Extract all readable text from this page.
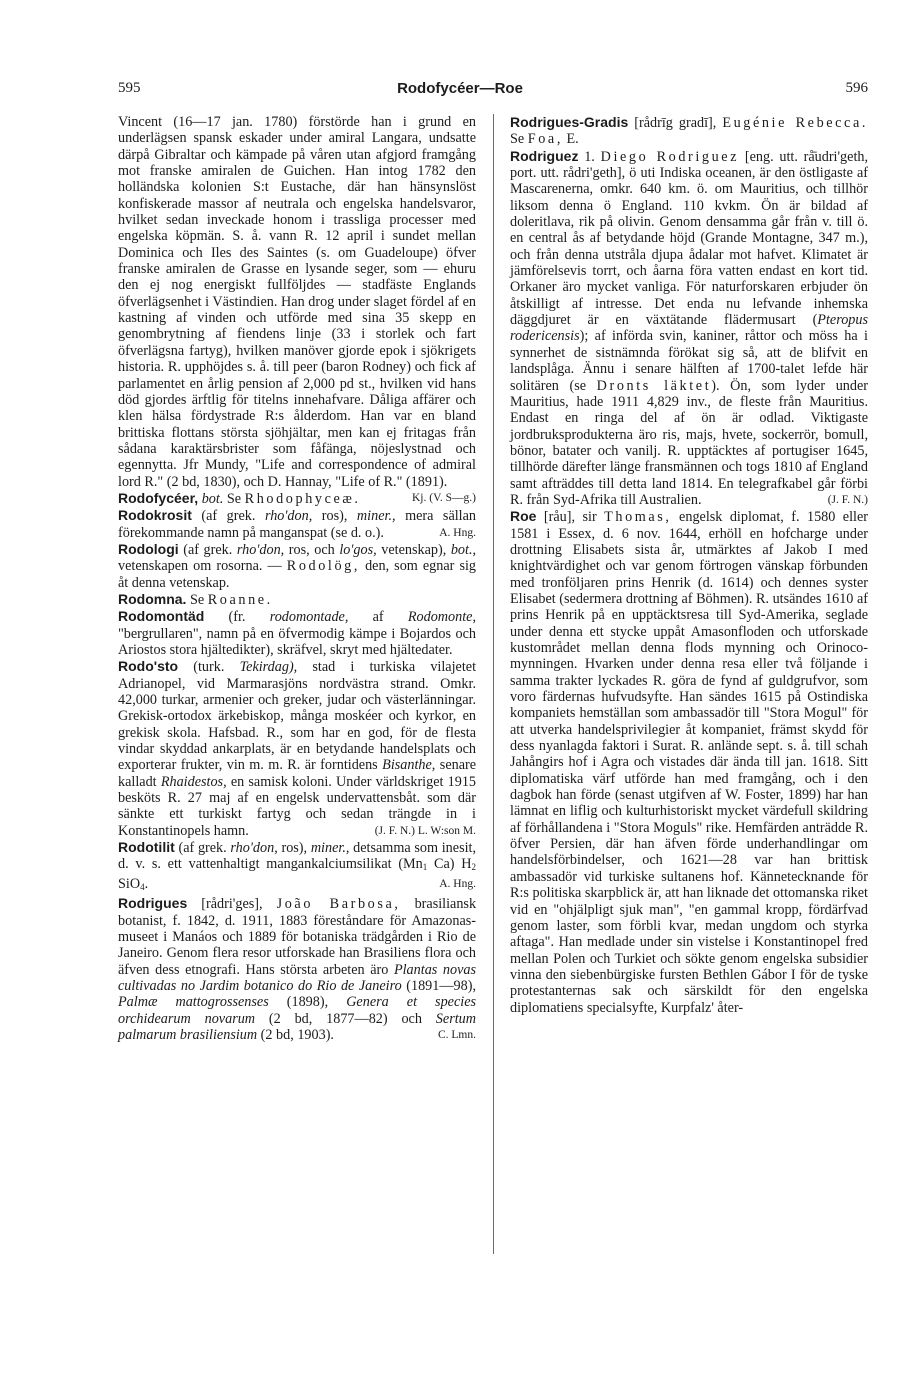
595	Rodofycéer—Roe	596

Vincent (16—17 jan. 1780) förstörde han i grund en underlägsen spansk eskader under amiral Langara, undsatte därpå Gibraltar och kämpade på våren utan afgjord framgång mot franske amiralen de Guichen. Han intog 1782 den holländska kolonien S:t Eustache, där han hänsynslöst konfiskerade massor af neutrala och engelska handelsvaror, hvilket sedan inveckade honom i trassliga processer med engelska köpmän. S. å. vann R. 12 april i sundet mellan Dominica och Iles des Saintes (s. om Guadeloupe) öfver franske amiralen de Grasse en lysande seger, som — ehuru den ej nog energiskt fullföljdes — stadfäste Englands öfverlägsenhet i Västindien. Han drog under slaget fördel af en kastning af vinden och utförde med sina 35 skepp en genombrytning af fiendens linje (33 i storlek och fart öfverlägsna fartyg), hvilken manöver gjorde epok i sjökrigets historia. R. upphöjdes s. å. till peer (baron Rodney) och fick af parlamentet en årlig pension af 2,000 pd st., hvilken vid hans död gjordes ärftlig för titelns innehafvare. Dåliga affärer och klen hälsa fördystrade R:s ålderdom. Han var en bland brittiska flottans största sjöhjältar, men kan ej fritagas från sådana karaktärsbrister som fåfänga, nöjeslystnad och egennytta. Jfr Mundy, "Life and correspondence of admiral lord R." (2 bd, 1830), och D. Hannay, "Life of R." (1891).
Kj. (V. S—g.)

Rodofycéer, bot. Se Rhodophyceæ.

Rodokrosit (af grek. rho'don, ros), miner., mera sällan förekommande namn på manganspat (se d. o.).	A. Hng.

Rodologi (af grek. rho'don, ros, och lo'gos, vetenskap), bot., vetenskapen om rosorna. — Rodolög, den, som egnar sig åt denna vetenskap.

Rodomna. Se Roanne.

Rodomontäd (fr. rodomontade, af Rodomonte, "bergrullaren", namn på en öfvermodig kämpe i Bojardos och Ariostos stora hjältedikter), skräfvel, skryt med hjältedater.

Rodo'sto (turk. Tekirdag), stad i turkiska vilajetet Adrianopel, vid Marmarasjöns nordvästra strand. Omkr. 42,000 turkar, armenier och greker, judar och västerlänningar. Grekisk-ortodox ärkebiskop, många moskéer och kyrkor, en grekisk skola. Hafsbad. R., som har en god, för de flesta vindar skyddad ankarplats, är en betydande handelsplats och exporterar frukter, vin m. m. R. är forntidens Bisanthe, senare kalladt Rhaidestos, en samisk koloni. Under världskriget 1915 besköts R. 27 maj af en engelsk undervattensbåt. som där sänkte ett turkiskt fartyg och sedan trängde in i Konstantinopels hamn.	(J. F. N.) L. W:son M.

Rodotilit (af grek. rho'don, ros), miner., detsamma som inesit, d. v. s. ett vattenhaltigt mangankalciumsilikat ($Mn_1$ Ca) $H_2$ SiO$_4$.	A. Hng.

Rodrigues [rådri'ges], João Barbosa, brasiliansk botanist, f. 1842, d. 1911, 1883 föreståndare för Amazonas-museet i Manáos och 1889 för botaniska trädgården i Rio de Janeiro. Genom flera resor utforskade han Brasiliens flora och äfven dess etnografi. Hans största arbeten äro Plantas novas cultivadas no Jardim botanico do Rio de Janeiro (1891—98), Palmæ mattogrossenses (1898), Genera et species orchidearum novarum (2 bd, 1877—82) och Sertum palmarum brasiliensium (2 bd, 1903).	C. Lmn.

Rodrigues-Gradis [rådrīg gradī], Eugénie Rebecca. Se Foa, E.

Rodriguez 1. Diego Rodriguez [eng. utt. rå̄udri'geth, port. utt. rådri'geth], ö uti Indiska oceanen, är den östligaste af Mascarenerna, omkr. 640 km. ö. om Mauritius, och tillhör liksom denna ö England. 110 kvkm. Ön är bildad af doleritlava, rik på olivin. Genom densamma går från v. till ö. en central ås af betydande höjd (Grande Montagne, 347 m.), och från denna utstråla djupa ådalar mot hafvet. Klimatet är jämförelsevis torrt, och åarna föra vatten endast en kort tid. Orkaner äro mycket vanliga. För naturforskaren erbjuder ön åtskilligt af intresse. Det enda nu lefvande inhemska däggdjuret är en växtätande flädermusart (Pteropus rodericensis); af införda svin, kaniner, råttor och möss ha i synnerhet de sistnämnda förökat sig så, att de blifvit en landsplåga. Ännu i senare hälften af 1700-talet lefde här solitären (se Dronts läktet). Ön, som lyder under Mauritius, hade 1911 4,829 inv., de fleste från Mauritius. Endast en ringa del af ön är odlad. Viktigaste jordbruksprodukterna äro ris, majs, hvete, sockerrör, bomull, bönor, batater och vanilj. R. upptäcktes af portugiser 1645, tillhörde därefter länge fransmännen och togs 1810 af England samt afträddes till detta land 1814. En telegrafkabel går förbi R. från Syd-Afrika till Australien.	(J. F. N.)

Roe [råu], sir Thomas, engelsk diplomat, f. 1580 eller 1581 i Essex, d. 6 nov. 1644, erhöll en hofcharge under drottning Elisabets sista år, utmärktes af Jakob I med knightvärdighet och var genom förtrogen vänskap förbunden med tronföljaren prins Henrik (d. 1614) och dennes syster Elisabet (sedermera drottning af Böhmen). R. utsändes 1610 af prins Henrik på en upptäcktsresa till Syd-Amerika, seglade under denna ett stycke uppåt Amasonfloden och utforskade kustområdet mellan denna flods mynning och Orinoco-mynningen. Hvarken under denna resa eller två följande i samma trakter lyckades R. göra de fynd af guldgrufvor, som voro färdernas hufvudsyfte. Han sändes 1615 på Ostindiska kompaniets hemställan som ambassadör till "Stora Mogul" för att utverka handelsprivilegier åt kompaniet, främst skydd för dess nyanlagda faktori i Surat. R. anlände sept. s. å. till schah Jahångirs hof i Agra och vistades där ända till jan. 1618. Sitt diplomatiska värf utförde han med framgång, och i den dagbok han förde (senast utgifven af W. Foster, 1899) har han lämnat en liflig och kulturhistoriskt mycket värdefull skildring af förhållandena i "Stora Moguls" rike. Hemfärden anträdde R. öfver Persien, där han äfven förde underhandlingar om handelsförbindelser, och 1621—28 var han brittisk ambassadör vid turkiske sultanens hof. Kännetecknande för R:s politiska skarpblick är, att han liknade det ottomanska riket vid en "ohjälpligt sjuk man", "en gammal kropp, fördärfvad genom laster, som förbli kvar, medan ungdom och styrka aftaga". Han medlade under sin vistelse i Konstantinopel fred mellan Polen och Turkiet och sökte genom engelska subsidier vinna den siebenbürgiske fursten Bethlen Gábor I för de tyske protestanternas sak och särskildt för den engelska diplomatiens specialsyfte, Kurpfalz' åter-
